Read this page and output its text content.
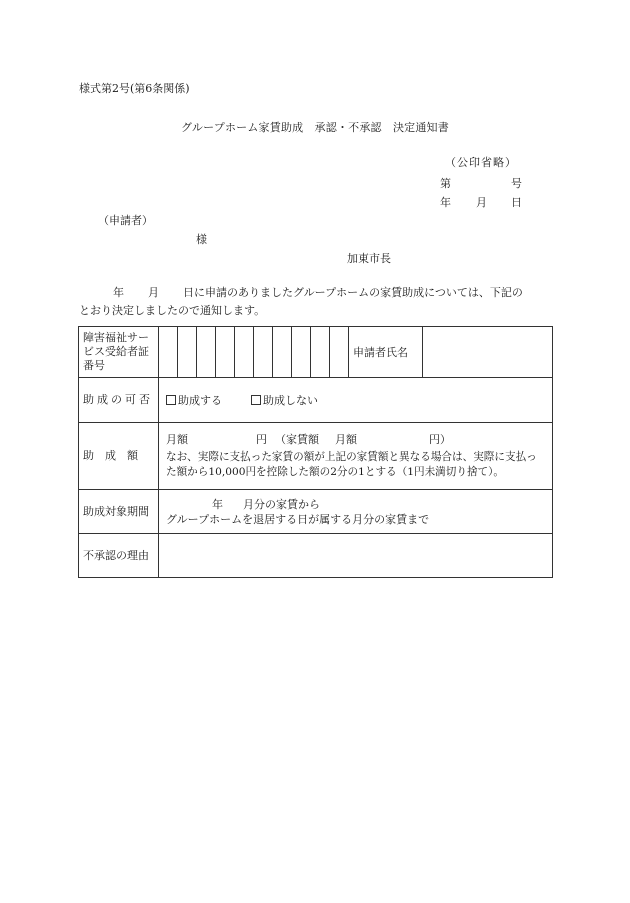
様式第2号(第6条関係)
グループホーム家賃助成　承認・不承認　決定通知書
（公印省略）
第	号
年 月 日
（申請者）
様
加東市長
年 月 日に申請のありましたグループホームの家賃助成については、下記の
とおり決定しましたので通知します。
障害福祉サービス受給者証番号											申請者氏名	
助成の可否	助成する 助成しない											
助　成　額	月額 円 （家賃額 月額 円）
なお、実際に支払った家賃の額が上記の家賃額と異なる場合は、実際に支払った額から10,000円を控除した額の2分の1とする（1円未満切り捨て）。											

助成対象期間	年 月分の家賃から
グループホームを退居する日が属する月分の家賃まで											

不承認の理由												
